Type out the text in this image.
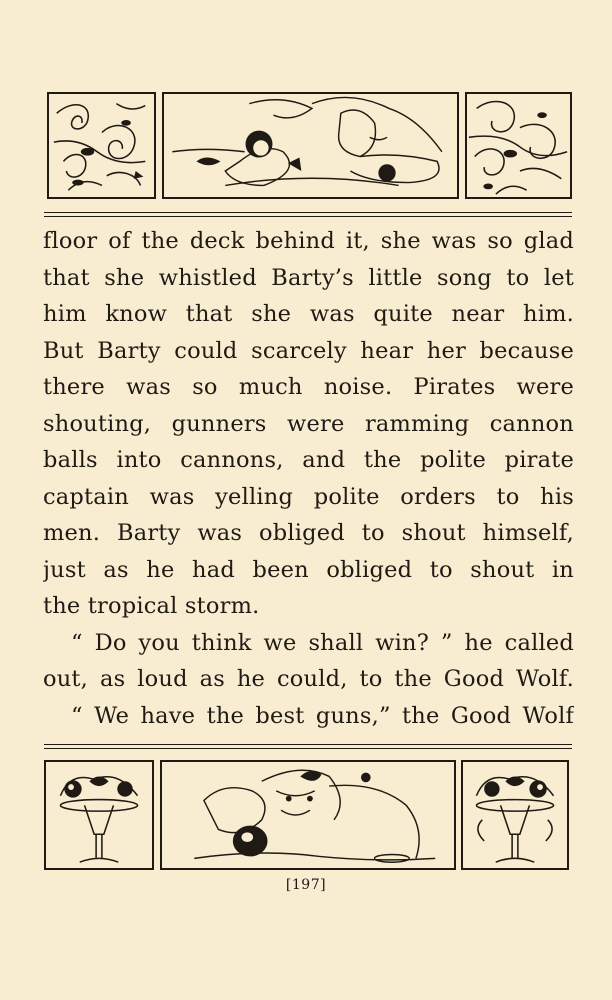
floor of the deck behind it, she was so glad
that she whistled Barty’s little song to let
him know that she was quite near him.
But Barty could scarcely hear her because
there was so much noise. Pirates were
shouting, gunners were ramming cannon
balls into cannons, and the polite pirate
captain was yelling polite orders to his
men. Barty was obliged to shout himself,
just as he had been obliged to shout in
the tropical storm.
“ Do you think we shall win? ” he called
out, as loud as he could, to the Good Wolf.
“ We have the best guns,” the Good Wolf
[197]
